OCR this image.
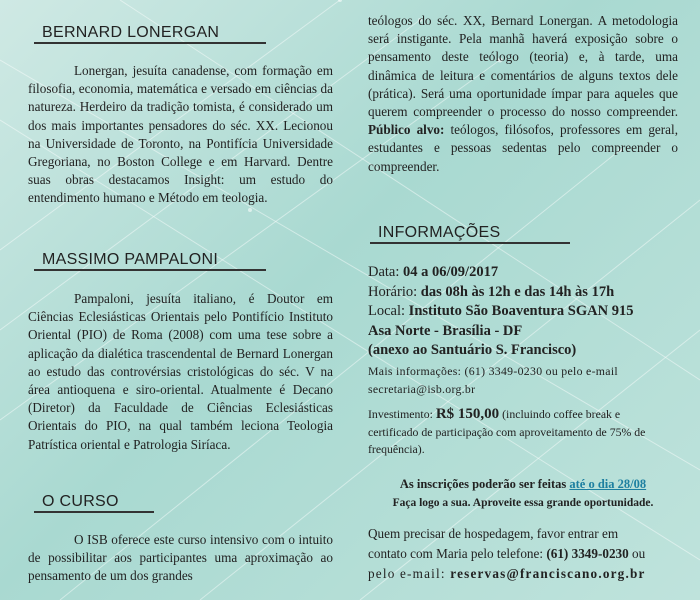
BERNARD LONERGAN
Lonergan, jesuíta canadense, com formação em filosofia, economia, matemática e versado em ciências da natureza. Herdeiro da tradição tomista, é considerado um dos mais importantes pensadores do séc. XX. Lecionou na Universidade de Toronto, na Pontifícia Universidade Gregoriana, no Boston College e em Harvard. Dentre suas obras destacamos Insight: um estudo do entendimento humano e Método em teologia.
MASSIMO PAMPALONI
Pampaloni, jesuíta italiano, é Doutor em Ciências Eclesiásticas Orientais pelo Pontifício Instituto Oriental (PIO) de Roma (2008) com uma tese sobre a aplicação da dialética trascendental de Bernard Lonergan ao estudo das controvérsias cristológicas do séc. V na área antioquena e siro-oriental. Atualmente é Decano (Diretor) da Faculdade de Ciências Eclesiásticas Orientais do PIO, na qual também leciona Teologia Patrística oriental e Patrologia Siríaca.
O CURSO
O ISB oferece este curso intensivo com o intuito de possibilitar aos participantes uma aproximação ao pensamento de um dos grandes
teólogos do séc. XX, Bernard Lonergan. A metodologia será instigante. Pela manhã haverá exposição sobre o pensamento deste teólogo (teoria) e, à tarde, uma dinâmica de leitura e comentários de alguns textos dele (prática). Será uma oportunidade ímpar para aqueles que querem compreender o processo do nosso compreender. Público alvo: teólogos, filósofos, professores em geral, estudantes e pessoas sedentas pelo compreender o compreender.
INFORMAÇÕES
Data: 04 a 06/09/2017
Horário: das 08h às 12h e das 14h às 17h
Local: Instituto São Boaventura SGAN 915
Asa Norte - Brasília - DF
(anexo ao Santuário S. Francisco)
Mais informações: (61) 3349-0230 ou pelo e-mail
secretaria@isb.org.br
Investimento: R$ 150,00 (incluindo coffee break e
certificado de participação com aproveitamento de 75% de
frequência).
As inscrições poderão ser feitas até o dia 28/08
Faça logo a sua. Aproveite essa grande oportunidade.
Quem precisar de hospedagem, favor entrar em
contato com Maria pelo telefone: (61) 3349-0230 ou
pelo e-mail: reservas@franciscano.org.br
